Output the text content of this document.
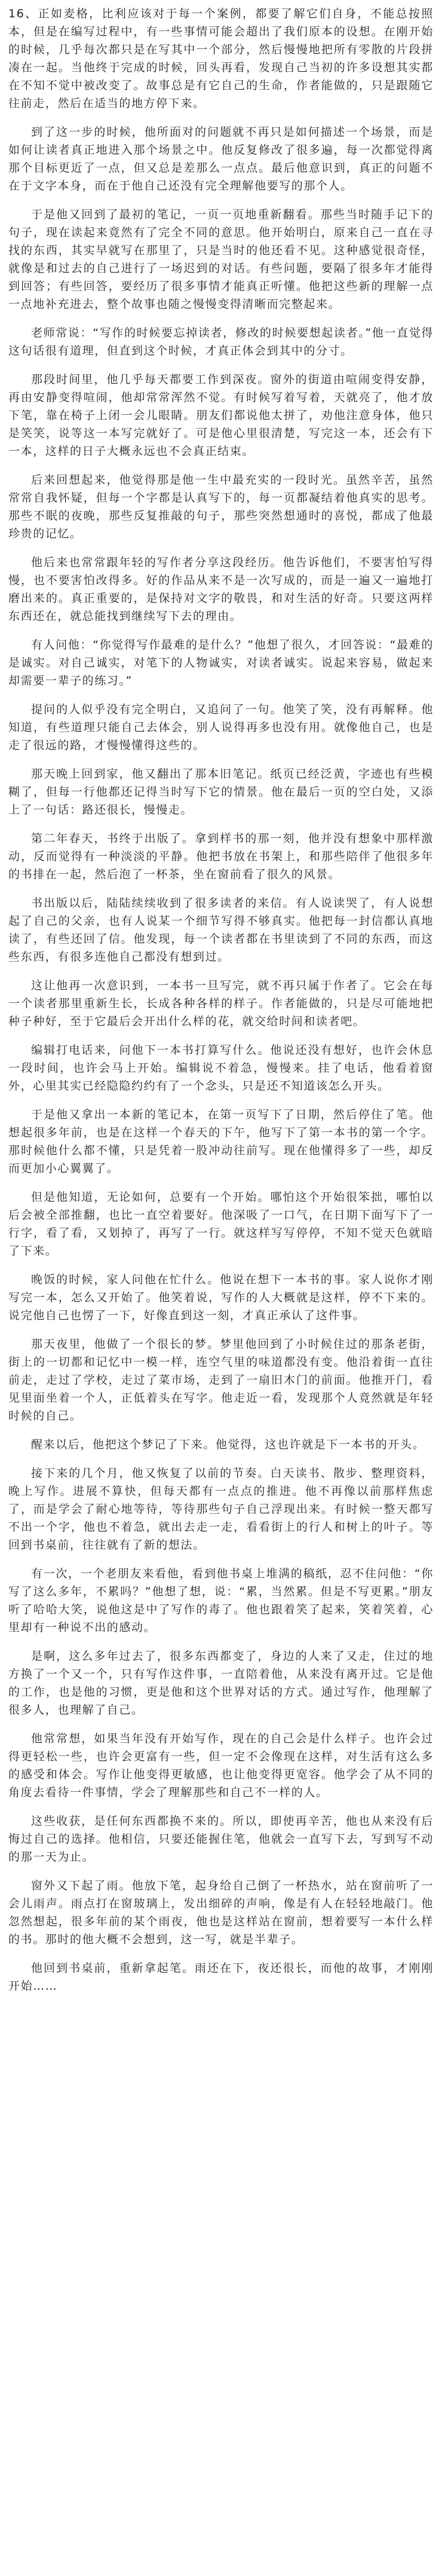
16、正如麦格，比利应该对于每一个案例，都要了解它们自身，不能总按照本，但是在编写过程中，有一些事情可能会超出了我们原本的设想。在刚开始的时候，几乎每次都只是在写其中一个部分，然后慢慢地把所有零散的片段拼凑在一起。当他终于完成的时候，回头再看，发现自己当初的许多设想其实都在不知不觉中被改变了。故事总是有它自己的生命，作者能做的，只是跟随它往前走，然后在适当的地方停下来。

到了这一步的时候，他所面对的问题就不再只是如何描述一个场景，而是如何让读者真正地进入那个场景之中。他反复修改了很多遍，每一次都觉得离那个目标更近了一点，但又总是差那么一点点。最后他意识到，真正的问题不在于文字本身，而在于他自己还没有完全理解他要写的那个人。

于是他又回到了最初的笔记，一页一页地重新翻看。那些当时随手记下的句子，现在读起来竟然有了完全不同的意思。他开始明白，原来自己一直在寻找的东西，其实早就写在那里了，只是当时的他还看不见。这种感觉很奇怪，就像是和过去的自己进行了一场迟到的对话。有些问题，要隔了很多年才能得到回答；有些回答，要经历了很多事情才能真正听懂。他把这些新的理解一点一点地补充进去，整个故事也随之慢慢变得清晰而完整起来。

老师常说：“写作的时候要忘掉读者，修改的时候要想起读者。”他一直觉得这句话很有道理，但直到这个时候，才真正体会到其中的分寸。

那段时间里，他几乎每天都要工作到深夜。窗外的街道由喧闹变得安静，再由安静变得喧闹，他却常常浑然不觉。有时候写着写着，天就亮了，他才放下笔，靠在椅子上闭一会儿眼睛。朋友们都说他太拼了，劝他注意身体，他只是笑笑，说等这一本写完就好了。可是他心里很清楚，写完这一本，还会有下一本，这样的日子大概永远也不会真正结束。

后来回想起来，他觉得那是他一生中最充实的一段时光。虽然辛苦，虽然常常自我怀疑，但每一个字都是认真写下的，每一页都凝结着他真实的思考。那些不眠的夜晚，那些反复推敲的句子，那些突然想通时的喜悦，都成了他最珍贵的记忆。

他后来也常常跟年轻的写作者分享这段经历。他告诉他们，不要害怕写得慢，也不要害怕改得多。好的作品从来不是一次写成的，而是一遍又一遍地打磨出来的。真正重要的，是保持对文字的敬畏，和对生活的好奇。只要这两样东西还在，就总能找到继续写下去的理由。

有人问他：“你觉得写作最难的是什么？”他想了很久，才回答说：“最难的是诚实。对自己诚实，对笔下的人物诚实，对读者诚实。说起来容易，做起来却需要一辈子的练习。”

提问的人似乎没有完全明白，又追问了一句。他笑了笑，没有再解释。他知道，有些道理只能自己去体会，别人说得再多也没有用。就像他自己，也是走了很远的路，才慢慢懂得这些的。

那天晚上回到家，他又翻出了那本旧笔记。纸页已经泛黄，字迹也有些模糊了，但每一行他都还记得当时写下它的情景。他在最后一页的空白处，又添上了一句话：路还很长，慢慢走。

第二年春天，书终于出版了。拿到样书的那一刻，他并没有想象中那样激动，反而觉得有一种淡淡的平静。他把书放在书架上，和那些陪伴了他很多年的书排在一起，然后泡了一杯茶，坐在窗前看了很久的风景。

书出版以后，陆陆续续收到了很多读者的来信。有人说读哭了，有人说想起了自己的父亲，也有人说某一个细节写得不够真实。他把每一封信都认真地读了，有些还回了信。他发现，每一个读者都在书里读到了不同的东西，而这些东西，有很多连他自己都没有想到过。

这让他再一次意识到，一本书一旦写完，就不再只属于作者了。它会在每一个读者那里重新生长，长成各种各样的样子。作者能做的，只是尽可能地把种子种好，至于它最后会开出什么样的花，就交给时间和读者吧。

编辑打电话来，问他下一本书打算写什么。他说还没有想好，也许会休息一段时间，也许会马上开始。编辑说不着急，慢慢来。挂了电话，他看着窗外，心里其实已经隐隐约约有了一个念头，只是还不知道该怎么开头。

于是他又拿出一本新的笔记本，在第一页写下了日期，然后停住了笔。他想起很多年前，也是在这样一个春天的下午，他写下了第一本书的第一个字。那时候他什么都不懂，只是凭着一股冲动往前写。现在他懂得多了一些，却反而更加小心翼翼了。

但是他知道，无论如何，总要有一个开始。哪怕这个开始很笨拙，哪怕以后会被全部推翻，也比一直空着要好。他深吸了一口气，在日期下面写下了一行字，看了看，又划掉了，再写了一行。就这样写写停停，不知不觉天色就暗了下来。

晚饭的时候，家人问他在忙什么。他说在想下一本书的事。家人说你才刚写完一本，怎么又开始了。他笑着说，写作的人大概就是这样，停不下来的。说完他自己也愣了一下，好像直到这一刻，才真正承认了这件事。

那天夜里，他做了一个很长的梦。梦里他回到了小时候住过的那条老街，街上的一切都和记忆中一模一样，连空气里的味道都没有变。他沿着街一直往前走，走过了学校，走过了菜市场，走到了一扇旧木门的前面。他推开门，看见里面坐着一个人，正低着头在写字。他走近一看，发现那个人竟然就是年轻时候的自己。

醒来以后，他把这个梦记了下来。他觉得，这也许就是下一本书的开头。

接下来的几个月，他又恢复了以前的节奏。白天读书、散步、整理资料，晚上写作。进展不算快，但每天都有一点点的推进。他不再像以前那样焦虑了，而是学会了耐心地等待，等待那些句子自己浮现出来。有时候一整天都写不出一个字，他也不着急，就出去走一走，看看街上的行人和树上的叶子。等回到书桌前，往往就有了新的想法。

有一次，一个老朋友来看他，看到他书桌上堆满的稿纸，忍不住问他：“你写了这么多年，不累吗？”他想了想，说：“累，当然累。但是不写更累。”朋友听了哈哈大笑，说他这是中了写作的毒了。他也跟着笑了起来，笑着笑着，心里却有一种说不出的感动。

是啊，这么多年过去了，很多东西都变了，身边的人来了又走，住过的地方换了一个又一个，只有写作这件事，一直陪着他，从来没有离开过。它是他的工作，也是他的习惯，更是他和这个世界对话的方式。通过写作，他理解了很多人，也理解了自己。

他常常想，如果当年没有开始写作，现在的自己会是什么样子。也许会过得更轻松一些，也许会更富有一些，但一定不会像现在这样，对生活有这么多的感受和体会。写作让他变得更敏感，也让他变得更宽容。他学会了从不同的角度去看待一件事情，学会了理解那些和自己不一样的人。

这些收获，是任何东西都换不来的。所以，即使再辛苦，他也从来没有后悔过自己的选择。他相信，只要还能握住笔，他就会一直写下去，写到写不动的那一天为止。

窗外又下起了雨。他放下笔，起身给自己倒了一杯热水，站在窗前听了一会儿雨声。雨点打在窗玻璃上，发出细碎的声响，像是有人在轻轻地敲门。他忽然想起，很多年前的某个雨夜，他也是这样站在窗前，想着要写一本什么样的书。那时的他大概不会想到，这一写，就是半辈子。

他回到书桌前，重新拿起笔。雨还在下，夜还很长，而他的故事，才刚刚开始……
